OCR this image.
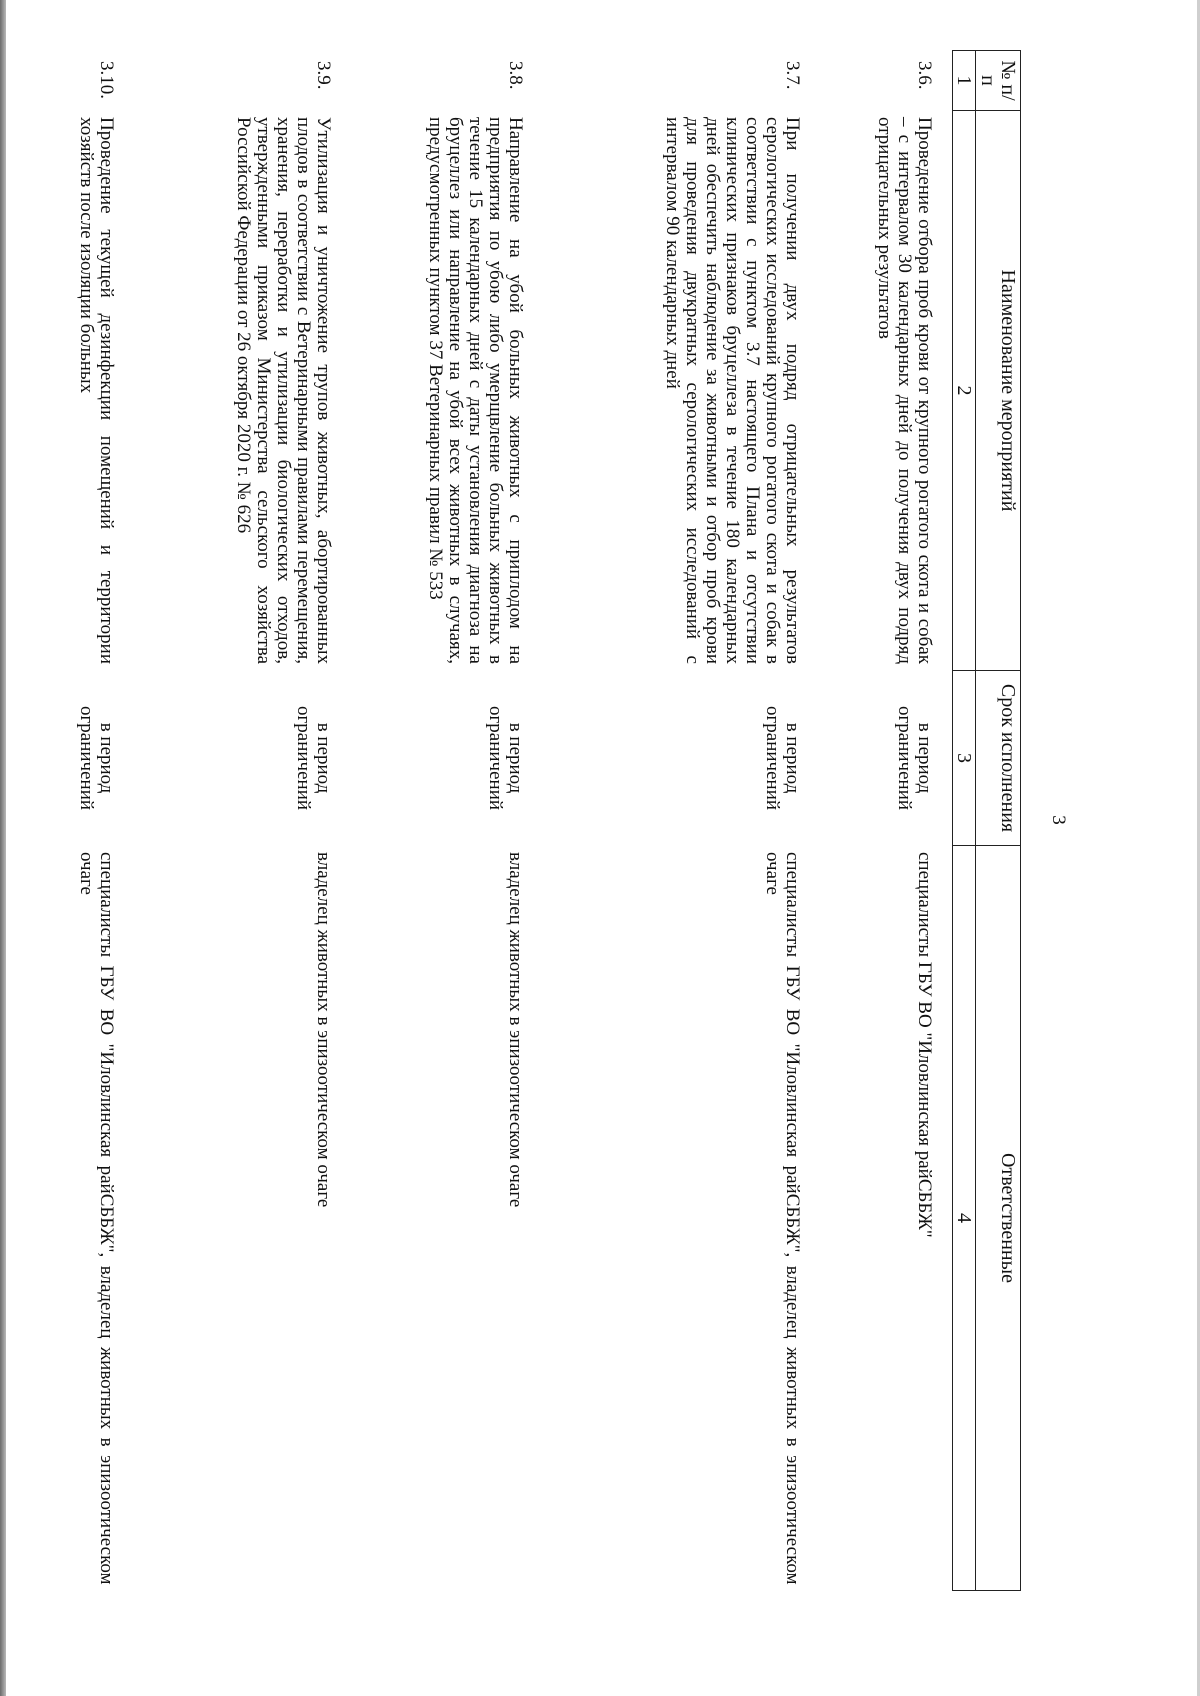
3
№ п/п	Наименование мероприятий	Срок исполнения	Ответственные
1	2	3	4
3.6.	Проведение отбора проб крови от крупного рогатого скота и собак – с интервалом 30 календарных дней до получения двух подряд отрицательных результатов	в период ограничений	специалисты ГБУ ВО "Иловлинская райСББЖ"
3.7.	При получении двух подряд отрицательных результатов серологических исследований крупного рогатого скота и собак в соответствии с пунктом 3.7 настоящего Плана и отсутствии клинических признаков бруцеллеза в течение 180 календарных дней обеспечить наблюдение за животными и отбор проб крови для проведения двукратных серологических исследований с интервалом 90 календарных дней	в период ограничений	специалисты ГБУ ВО "Иловлинская райСББЖ", владелец животных в эпизоотическом очаге
3.8.	Направление на убой больных животных с приплодом на предприятия по убою либо умерщвление больных животных в течение 15 календарных дней с даты установления диагноза на бруцеллез или направление на убой всех животных в случаях, предусмотренных пунктом 37 Ветеринарных правил № 533	в период ограничений	владелец животных в эпизоотическом очаге
3.9.	Утилизация и уничтожение трупов животных, абортированных плодов в соответствии с Ветеринарными правилами перемещения, хранения, переработки и утилизации биологических отходов, утвержденными приказом Министерства сельского хозяйства Российской Федерации от 26 октября 2020 г. № 626	в период ограничений	владелец животных в эпизоотическом очаге
3.10.	Проведение текущей дезинфекции помещений и территории хозяйств после изоляции больных	в период ограничений	специалисты ГБУ ВО "Иловлинская райСББЖ", владелец животных в эпизоотическом очаге
